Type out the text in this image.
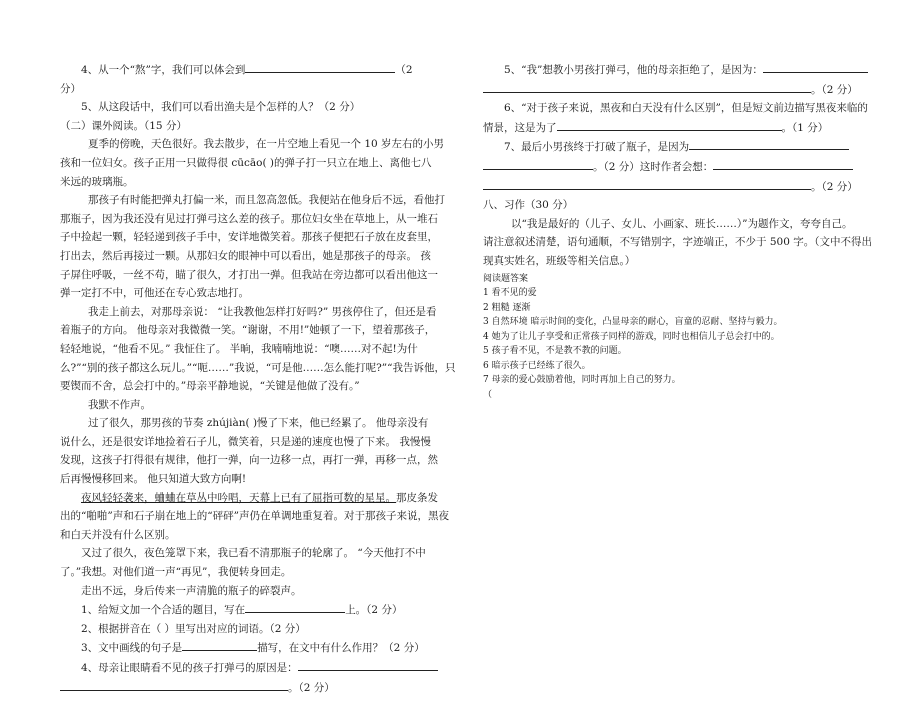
4、从一个“熬”字，我们可以体会到	（2

分）

5、从这段话中，我们可以看出渔夫是个怎样的人？（2 分）

（二）课外阅读。（15 分）

夏季的傍晚，天色很好。我去散步，在一片空地上看见一个 10 岁左右的小男

孩和一位妇女。孩子正用一只做得很 cūcāo( )的弹子打一只立在地上、离他七八

米远的玻璃瓶。

那孩子有时能把弹丸打偏一米，而且忽高忽低。我便站在他身后不远，看他打

那瓶子，因为我还没有见过打弹弓这么差的孩子。那位妇女坐在草地上，从一堆石

子中捡起一颗，轻轻递到孩子手中，安详地微笑着。那孩子便把石子放在皮套里，

打出去，然后再接过一颗。从那妇女的眼神中可以看出，她是那孩子的母亲。 孩

子屏住呼吸，一丝不苟，瞄了很久，才打出一弹。但我站在旁边都可以看出他这一

弹一定打不中，可他还在专心致志地打。

我走上前去，对那母亲说： “让我教他怎样打好吗?” 男孩停住了，但还是看

着瓶子的方向。 他母亲对我微微一笑。“谢谢，不用!”她顿了一下，望着那孩子，

轻轻地说，“他看不见。” 我怔住了。 半晌，我喃喃地说：“噢……对不起!为什

么?”“别的孩子都这么玩儿。”“呃……”我说，“可是他……怎么能打呢?”“我告诉他，只

要锲而不舍，总会打中的。”母亲平静地说，“关键是他做了没有。”

我默不作声。

过了很久，那男孩的节奏 zhújiàn( )慢了下来，他已经累了。 他母亲没有

说什么，还是很安详地捡着石子儿，微笑着，只是递的速度也慢了下来。 我慢慢

发现，这孩子打得很有规律，他打一弹，向一边移一点，再打一弹，再移一点，然

后再慢慢移回来。 他只知道大致方向啊!

夜风轻轻袭来，蛐蛐在草丛中吟唱，天幕上已有了屈指可数的星星。那皮条发

出的“啪啪”声和石子崩在地上的“砰砰”声仍在单调地重复着。对于那孩子来说，黑夜

和白天并没有什么区别。

又过了很久，夜色笼罩下来，我已看不清那瓶子的轮廓了。 “今天他打不中

了。”我想。对他们道一声“再见”，我便转身回走。

走出不远，身后传来一声清脆的瓶子的碎裂声。

1、给短文加一个合适的题目，写在	上。（2 分）

2、根据拼音在（ ）里写出对应的词语。（2 分）

3、文中画线的句子是	描写，在文中有什么作用？（2 分）

4、母亲让眼睛看不见的孩子打弹弓的原因是：

。（2 分）

5、“我”想教小男孩打弹弓，他的母亲拒绝了，是因为：

。（2 分）

6、“对于孩子来说，黑夜和白天没有什么区别”，但是短文前边描写黑夜来临的

情景，这是为了	。（1 分）

7、最后小男孩终于打破了瓶子，是因为

。（2 分）这时作者会想：

。（2 分）

八、习作（30 分）

以“我是最好的（儿子、女儿、小画家、班长……）”为题作文，夸夸自己。

请注意叙述清楚，语句通顺，不写错别字，字迹端正，不少于 500 字。（文中不得出

现真实姓名，班级等相关信息。）

阅读题答案
1 看不见的爱
2 粗糙 逐渐
3 自然环境 暗示时间的变化，凸显母亲的耐心，盲童的忍耐、坚持与毅力。
4 她为了让儿子享受和正常孩子同样的游戏，同时也相信儿子总会打中的。
5 孩子看不见，不是教不教的问题。
6 暗示孩子已经练了很久。
7 母亲的爱心鼓励着他，同时再加上自己的努力。
（
